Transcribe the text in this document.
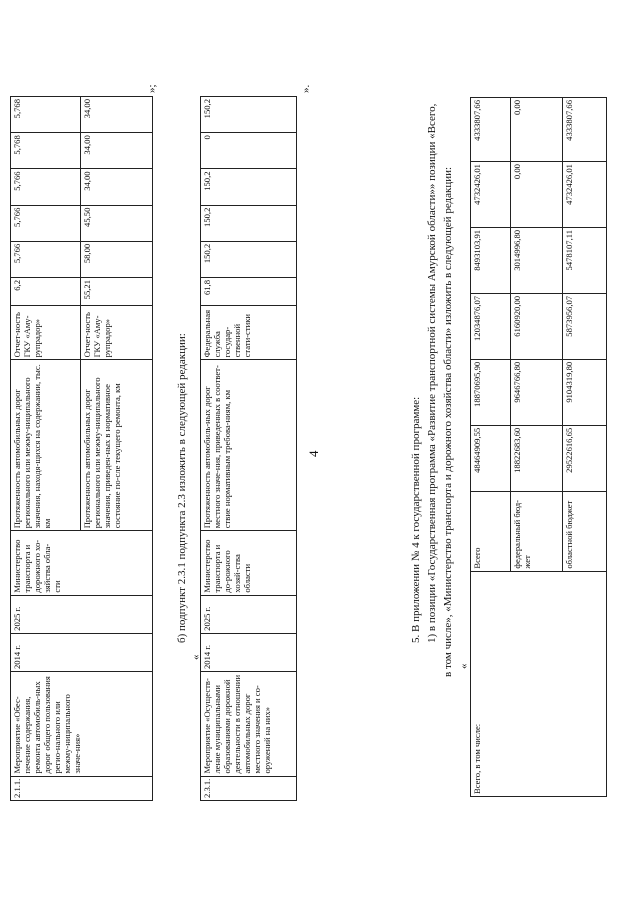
4
2.1.1.	Мероприятие «Обес-печение содержания, ремонта автомобиль-ных дорог общего пользования регио-нального или межму-ниципального значе-ния»	2014 г.	2025 г.	Министерство транспорта и дорожного хо-зяйства обла-сти	Протяженность автомобильных дорог регионального или межму-ниципального значения, находя-щихся на содержании, тыс. км	Отчет-ность ГКУ «Аму-рупрадор»	6,2	5,766	5,766	5,766	5,768	5,768
					Протяженность автомобильных дорог регионального или межму-ниципального значения, приведен-ных в нормативное состояние по-сле текущего ремонта, км	Отчет-ность ГКУ «Аму-рупрадор»	55,21	58,00	45,50	34,00	34,00	34,00
»;
б) подпункт 2.3.1 подпункта 2.3 изложить в следующей редакции:
«
2.3.1.	Мероприятие «Осуществ-ление муниципальными образованиями дорожной деятельности в отношении автомобильных дорог местного значения и со-оружений на них»	2014 г.	2025 г.	Министерство транспорта и до-рожного хозяй-ства области	Протяженность автомобиль-ных дорог местного значе-ния, приведенных в соответ-ствие нормативным требова-ниям, км	Федеральная служба государ-ственной стати-стики	61,8	150,2	150,2	150,2	0	150,2
».
5. В приложении № 4 к государственной программе: 1) в позиции «Государственная программа «Развитие транспортной системы Амурской области»» позиции «Всего, в том числе», «Министерство транспорта и дорожного хозяйства области» изложить в следующей редакции: «
Всего, в том числе:	Всего	48464909,55	18870695,90	12034876,07	8493103,91	4732426,01	4333807,66
	федеральный бюд-жет	18822683,60	9646766,80	6160920,00	3014996,80	0,00	0,00
	областной бюджет	29522616,65	9104319,80	5873956,07	5478107,11	4732426,01	4333807,66
